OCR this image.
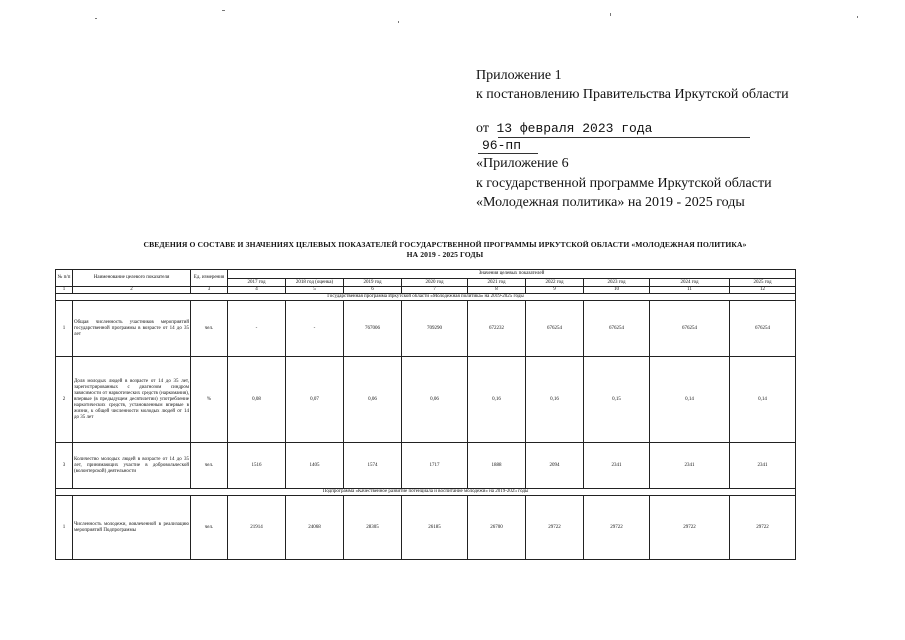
Приложение 1
к постановлению Правительства Иркутской области
от 13 февраля 2023 года
96-пп
«Приложение 6
к государственной программе Иркутской области
«Молодежная политика» на 2019 - 2025 годы
СВЕДЕНИЯ О СОСТАВЕ И ЗНАЧЕНИЯХ ЦЕЛЕВЫХ ПОКАЗАТЕЛЕЙ ГОСУДАРСТВЕННОЙ ПРОГРАММЫ ИРКУТСКОЙ ОБЛАСТИ «МОЛОДЕЖНАЯ ПОЛИТИКА»
НА 2019 - 2025 ГОДЫ
№ п/п	Наименование целевого показателя	Ед. измерения	Значения целевых показателей								
			2017 год	2018 год (оценка)	2019 год	2020 год	2021 год	2022 год	2023 год	2024 год	2025 год
1	2	3	4	5	6	7	8	9	10	11	12
Государственная программа Иркутской области «Молодежная политика» на 2019-2025 годы											
1	Общая численность участников мероприятий государственной программы в возрасте от 14 до 35 лет	чел.	-	-	767006	709290	672232	676254	676254	676254	676254
2	Доля молодых людей в возрасте от 14 до 35 лет, зарегистрированных с диагнозом синдром зависимости от наркотических средств (наркомания), впервые (в предыдущем десятилетии) употребление наркотических средств, установленным впервые в жизни, к общей численности молодых людей от 14 до 35 лет	%	0,08	0,07	0,06	0,06	0,16	0,16	0,15	0,14	0,14
3	Количество молодых людей в возрасте от 14 до 35 лет, принимающих участие в добровольческой (волонтерской) деятельности	чел.	1516	1405	1574	1717	1888	2094	2341	2341	2341
Подпрограмма «Качественное развитие потенциала и воспитание молодежи» на 2019-2025 годы											
1	Численность молодежи, вовлеченной в реализацию мероприятий Подпрограммы	чел.	21914	24068	28305	26185	26700	29722	29722	29722	29722
